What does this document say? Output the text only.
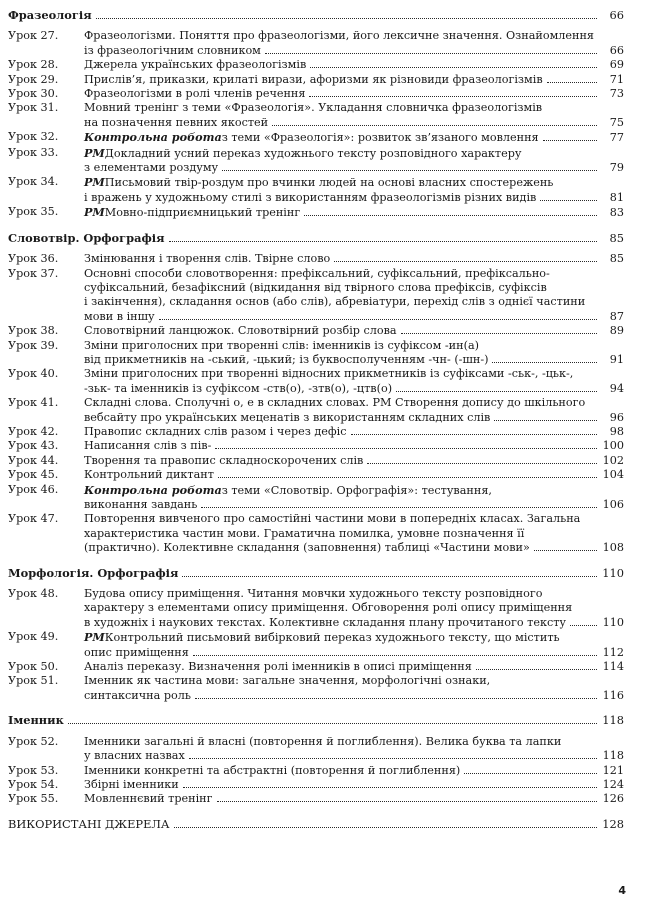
Фразеологія	66
Урок 27.	Фразеологізми. Поняття про фразеологізми, його лексичне значення. Ознайомлення
із фразеологічним словником	66
Урок 28.	Джерела українських фразеологізмів	69
Урок 29.	Прислів’я, приказки, крилаті вирази, афоризми як різновиди фразеологізмів	71
Урок 30.	Фразеологізми в ролі членів речення	73
Урок 31.	Мовний тренінг з теми «Фразеологія». Укладання словничка фразеологізмів
на позначення певних якостей	75
Урок 32.	Контрольна робота з теми «Фразеологія»: розвиток зв’язаного мовлення	77
Урок 33.	РМ Докладний усний переказ художнього тексту розповідного характеру
з елементами роздуму	79
Урок 34.	РМ Письмовий твір-роздум про вчинки людей на основі власних спостережень
і вражень у художньому стилі з використанням фразеологізмів різних видів	81
Урок 35.	РМ Мовно-підприємницький тренінг	83
Словотвір. Орфографія	85
Урок 36.	Змінювання і творення слів. Твірне слово	85
Урок 37.	Основні способи словотворення: префіксальний, суфіксальний, префіксально-
суфіксальний, безафіксний (відкидання від твірного слова префіксів, суфіксів
і закінчення), складання основ (або слів), абревіатури, перехід слів з однієї частини
мови в іншу	87
Урок 38.	Словотвірний ланцюжок. Словотвірний розбір слова	89
Урок 39.	Зміни приголосних при творенні слів: іменників із суфіксом -ин(а)
від прикметників на -ський, -цький; із буквосполученням -чн- (-шн-)	91
Урок 40.	Зміни приголосних при творенні відносних прикметників із суфіксами -ськ-, -цьк-,
-зьк- та іменників із суфіксом -ств(о), -зтв(о), -цтв(о)	94
Урок 41.	Складні слова. Сполучні о, е в складних словах. РМ Створення допису до шкільного
вебсайту про українських меценатів з використанням складних слів	96
Урок 42.	Правопис складних слів разом і через дефіс	98
Урок 43.	Написання слів з пів-	100
Урок 44.	Творення та правопис складноскорочених слів	102
Урок 45.	Контрольний диктант	104
Урок 46.	Контрольна робота з теми «Словотвір. Орфографія»: тестування,
виконання завдань	106
Урок 47.	Повторення вивченого про самостійні частини мови в попередніх класах. Загальна
характеристика частин мови. Граматична помилка, умовне позначення її
(практично). Колективне складання (заповнення) таблиці «Частини мови»	108
Морфологія. Орфографія	110
Урок 48.	Будова опису приміщення. Читання мовчки художнього тексту розповідного
характеру з елементами опису приміщення. Обговорення ролі опису приміщення
в художніх і наукових текстах. Колективне складання плану прочитаного тексту	110
Урок 49.	РМ Контрольний письмовий вибірковий переказ художнього тексту, що містить
опис приміщення	112
Урок 50.	Аналіз переказу. Визначення ролі іменників в описі приміщення	114
Урок 51.	Іменник як частина мови: загальне значення, морфологічні ознаки,
синтаксична роль	116
Іменник	118
Урок 52.	Іменники загальні й власні (повторення й поглиблення). Велика буква та лапки
у власних назвах	118
Урок 53.	Іменники конкретні та абстрактні (повторення й поглиблення)	121
Урок 54.	Збірні іменники	124
Урок 55.	Мовленнєвий тренінг	126
ВИКОРИСТАНІ ДЖЕРЕЛА	128
4
